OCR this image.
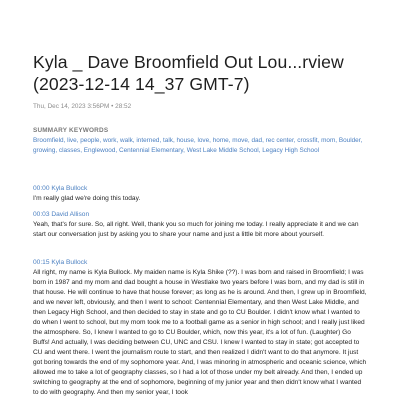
Kyla _ Dave Broomfield Out Lou...rview (2023-12-14 14_37 GMT-7)
Thu, Dec 14, 2023 3:56PM • 28:52
SUMMARY KEYWORDS
Broomfield, live, people, work, walk, interned, talk, house, love, home, move, dad, rec center, crossfit, mom, Boulder, growing, classes, Englewood, Centennial Elementary, West Lake Middle School, Legacy High School
00:00 Kyla Bullock
I'm really glad we're doing this today.
00:03 David Allison
Yeah, that's for sure. So, all right. Well, thank you so much for joining me today. I really appreciate it and we can start our conversation just by asking you to share your name and just a little bit more about yourself.
00:15 Kyla Bullock
All right, my name is Kyla Bullock. My maiden name is Kyla Shike (??). I was born and raised in Broomfield; I was born in 1987 and my mom and dad bought a house in Westlake two years before I was born, and my dad is still in that house. He will continue to have that house forever; as long as he is around. And then, I grew up in Broomfield, and we never left, obviously, and then I went to school: Centennial Elementary, and then West Lake Middle, and then Legacy High School, and then decided to stay in state and go to CU Boulder. I didn't know what I wanted to do when I went to school, but my mom took me to a football game as a senior in high school; and I really just liked the atmosphere. So, I knew I wanted to go to CU Boulder, which, now this year, it's a lot of fun. (Laughter) Go Buffs! And actually, I was deciding between CU, UNC and CSU. I knew I wanted to stay in state; got accepted to CU and went there. I went the journalism route to start, and then realized I didn't want to do that anymore. It just got boring towards the end of my sophomore year. And, I was minoring in atmospheric and oceanic science, which allowed me to take a lot of geography classes, so I had a lot of those under my belt already. And then, I ended up switching to geography at the end of sophomore, beginning of my junior year and then didn't know what I wanted to do with geography. And then my senior year, I took
